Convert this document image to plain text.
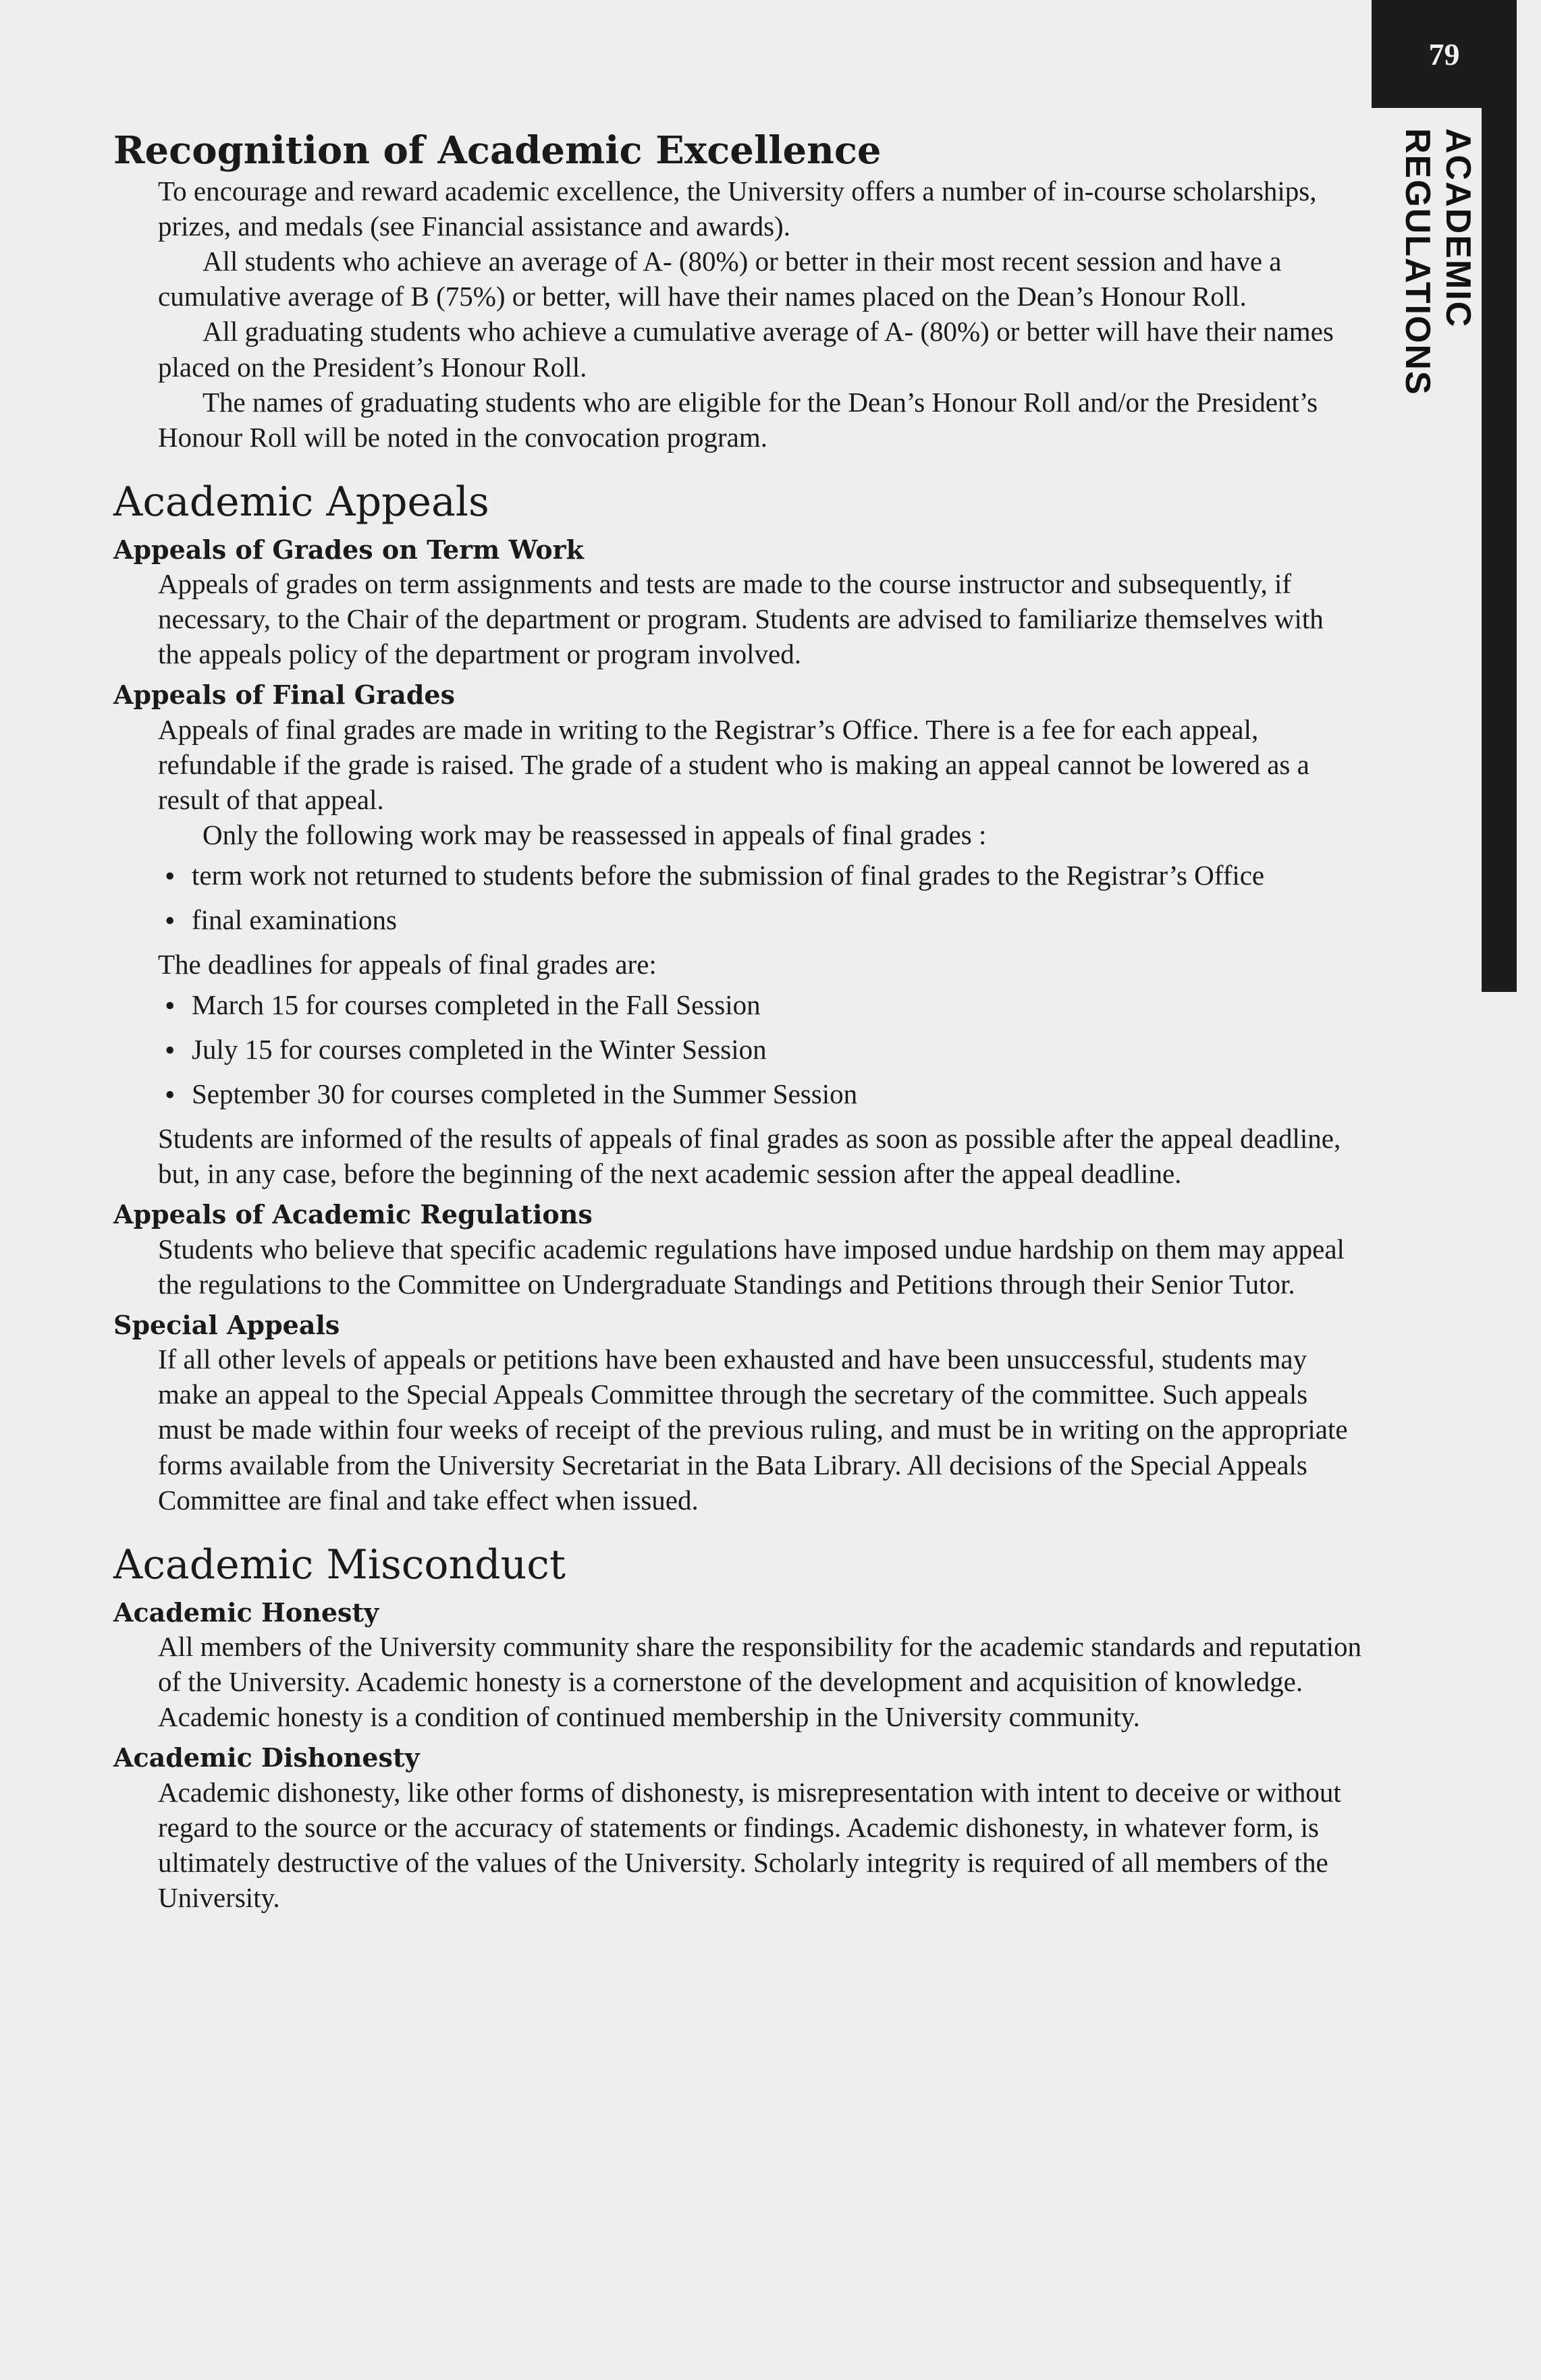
79
ACADEMIC REGULATIONS
Recognition of Academic Excellence

To encourage and reward academic excellence, the University offers a number of in-course scholarships, prizes, and medals (see Financial assistance and awards).

All students who achieve an average of A- (80%) or better in their most recent session and have a cumulative average of B (75%) or better, will have their names placed on the Dean’s Honour Roll.

All graduating students who achieve a cumulative average of A- (80%) or better will have their names placed on the President’s Honour Roll.

The names of graduating students who are eligible for the Dean’s Honour Roll and/or the President’s Honour Roll will be noted in the convocation program.

Academic Appeals
Appeals of Grades on Term Work

Appeals of grades on term assignments and tests are made to the course instructor and subsequently, if necessary, to the Chair of the department or program. Students are advised to familiarize themselves with the appeals policy of the department or program involved.

Appeals of Final Grades

Appeals of final grades are made in writing to the Registrar’s Office. There is a fee for each appeal, refundable if the grade is raised. The grade of a student who is making an appeal cannot be lowered as a result of that appeal.

Only the following work may be reassessed in appeals of final grades :

• term work not returned to students before the submission of final grades to the Registrar’s Office
• final examinations

The deadlines for appeals of final grades are:

• March 15 for courses completed in the Fall Session
• July 15 for courses completed in the Winter Session
• September 30 for courses completed in the Summer Session

Students are informed of the results of appeals of final grades as soon as possible after the appeal deadline, but, in any case, before the beginning of the next academic session after the appeal deadline.

Appeals of Academic Regulations

Students who believe that specific academic regulations have imposed undue hardship on them may appeal the regulations to the Committee on Undergraduate Standings and Petitions through their Senior Tutor.

Special Appeals

If all other levels of appeals or petitions have been exhausted and have been unsuccessful, students may make an appeal to the Special Appeals Committee through the secretary of the committee. Such appeals must be made within four weeks of receipt of the previous ruling, and must be in writing on the appropriate forms available from the University Secretariat in the Bata Library. All decisions of the Special Appeals Committee are final and take effect when issued.

Academic Misconduct
Academic Honesty

All members of the University community share the responsibility for the academic standards and reputation of the University. Academic honesty is a cornerstone of the development and acquisition of knowledge. Academic honesty is a condition of continued membership in the University community.

Academic Dishonesty

Academic dishonesty, like other forms of dishonesty, is misrepresentation with intent to deceive or without regard to the source or the accuracy of statements or findings. Academic dishonesty, in whatever form, is ultimately destructive of the values of the University. Scholarly integrity is required of all members of the University.
